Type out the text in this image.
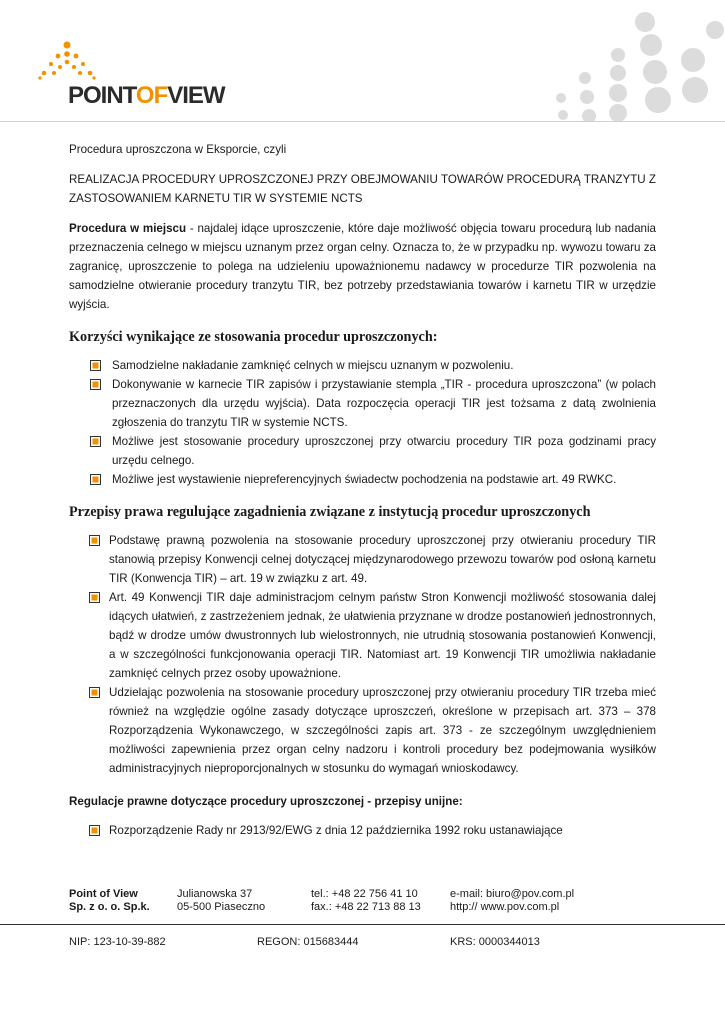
POINTOFVIEW

Procedura uproszczona w Eksporcie, czyli

REALIZACJA PROCEDURY UPROSZCZONEJ PRZY OBEJMOWANIU TOWARÓW PROCEDURĄ TRANZYTU Z ZASTOSOWANIEM KARNETU TIR W SYSTEMIE NCTS

Procedura w miejscu - najdalej idące uproszczenie, które daje możliwość objęcia towaru procedurą lub nadania przeznaczenia celnego w miejscu uznanym przez organ celny. Oznacza to, że w przypadku np. wywozu towaru za zagranicę, uproszczenie to polega na udzieleniu upoważnionemu nadawcy w procedurze TIR pozwolenia na samodzielne otwieranie procedury tranzytu TIR, bez potrzeby przedstawiania towarów i karnetu TIR w urzędzie wyjścia.

Korzyści wynikające ze stosowania procedur uproszczonych:
Samodzielne nakładanie zamknięć celnych w miejscu uznanym w pozwoleniu.
Dokonywanie w karnecie TIR zapisów i przystawianie stempla „TIR - procedura uproszczona” (w polach przeznaczonych dla urzędu wyjścia). Data rozpoczęcia operacji TIR jest tożsama z datą zwolnienia zgłoszenia do tranzytu TIR w systemie NCTS.
Możliwe jest stosowanie procedury uproszczonej przy otwarciu procedury TIR poza godzinami pracy urzędu celnego.
Możliwe jest wystawienie niepreferencyjnych świadectw pochodzenia na podstawie art. 49 RWKC.
Przepisy prawa regulujące zagadnienia związane z instytucją procedur uproszczonych
Podstawę prawną pozwolenia na stosowanie procedury uproszczonej przy otwieraniu procedury TIR stanowią przepisy Konwencji celnej dotyczącej międzynarodowego przewozu towarów pod osłoną karnetu TIR (Konwencja TIR) – art. 19 w związku z art. 49.
Art. 49 Konwencji TIR daje administracjom celnym państw Stron Konwencji możliwość stosowania dalej idących ułatwień, z zastrzeżeniem jednak, że ułatwienia przyznane w drodze postanowień jednostronnych, bądź w drodze umów dwustronnych lub wielostronnych, nie utrudnią stosowania postanowień Konwencji, a w szczególności funkcjonowania operacji TIR. Natomiast art. 19 Konwencji TIR umożliwia nakładanie zamknięć celnych przez osoby upoważnione.
Udzielając pozwolenia na stosowanie procedury uproszczonej przy otwieraniu procedury TIR trzeba mieć również na względzie ogólne zasady dotyczące uproszczeń, określone w przepisach art. 373 – 378 Rozporządzenia Wykonawczego, w szczególności zapis art. 373 - ze szczególnym uwzględnieniem możliwości zapewnienia przez organ celny nadzoru i kontroli procedury bez podejmowania wysiłków administracyjnych nieproporcjonalnych w stosunku do wymagań wnioskodawcy.

Regulacje prawne dotyczące procedury uproszczonej - przepisy unijne:

Rozporządzenie Rady nr 2913/92/EWG z dnia 12 października 1992 roku ustanawiające
Point of View
Sp. z o. o. Sp.k.
Julianowska 37
05-500 Piaseczno
tel.: +48 22 756 41 10
fax.: +48 22 713 88 13
e-mail: biuro@pov.com.pl
http:// www.pov.com.pl
NIP: 123-10-39-882	REGON: 015683444	KRS: 0000344013
